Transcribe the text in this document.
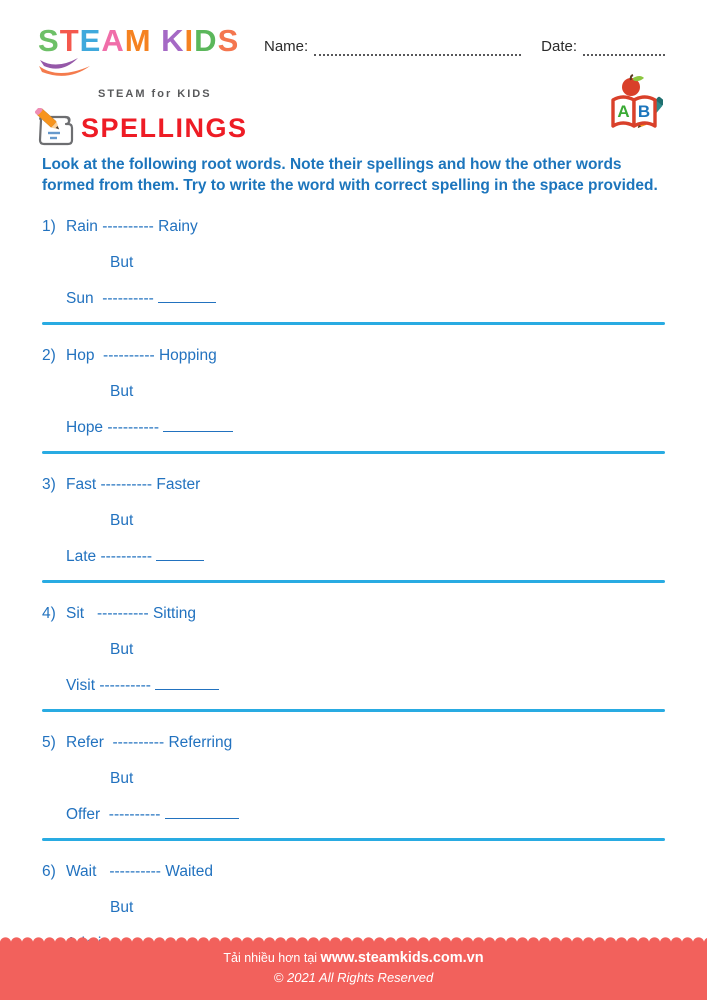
STEAM KIDS

STEAM for KIDS
Name:	Date:
SPELLINGS
A B
Look at the following root words. Note their spellings and how the other words formed from them. Try to write the word with correct spelling in the space provided.
1) Rain ---------- Rainy
But
Sun  ----------
2) Hop  ---------- Hopping
But
Hope ----------
3) Fast ---------- Faster
But
Late ----------
4) Sit   ---------- Sitting
But
Visit ----------
5) Refer  ---------- Referring
But
Offer  ----------
6) Wait   ---------- Waited
But
Tải nhiều hơn tại www.steamkids.com.vn
© 2021 All Rights Reserved
